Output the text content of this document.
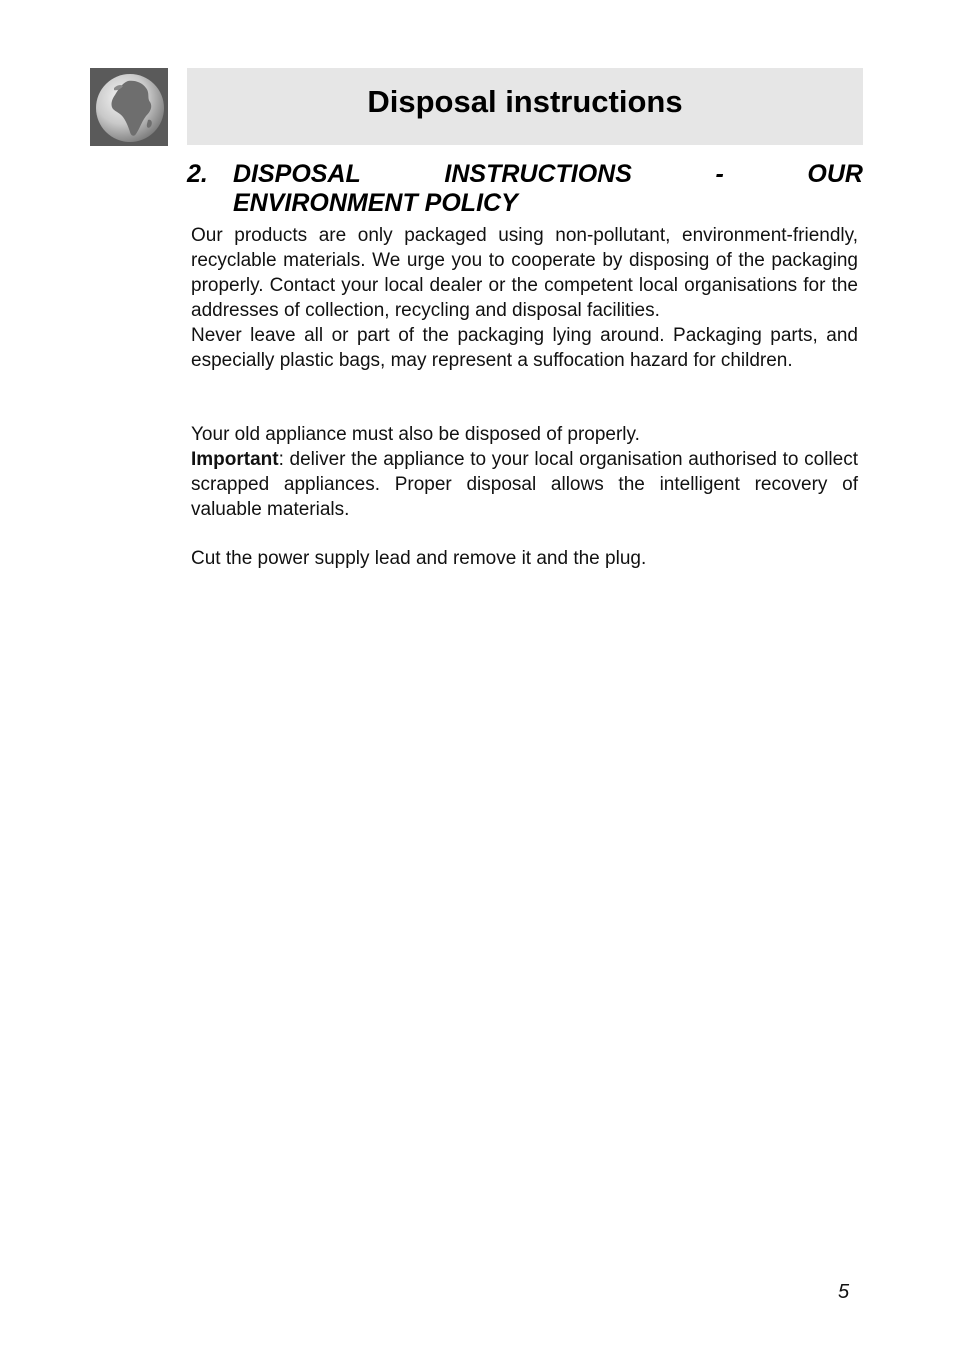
Disposal instructions
2. DISPOSAL	INSTRUCTIONS	-	OUR
ENVIRONMENT POLICY

Our products are only packaged using non-pollutant, environment-friendly, recyclable materials. We urge you to cooperate by disposing of the packaging properly. Contact your local dealer or the competent local organisations for the addresses of collection, recycling and disposal facilities.

Never leave all or part of the packaging lying around. Packaging parts, and especially plastic bags, may represent a suffocation hazard for children.

Your old appliance must also be disposed of properly.

Important: deliver the appliance to your local organisation authorised to collect scrapped appliances. Proper disposal allows the intelligent recovery of valuable materials.

Cut the power supply lead and remove it and the plug.

5
